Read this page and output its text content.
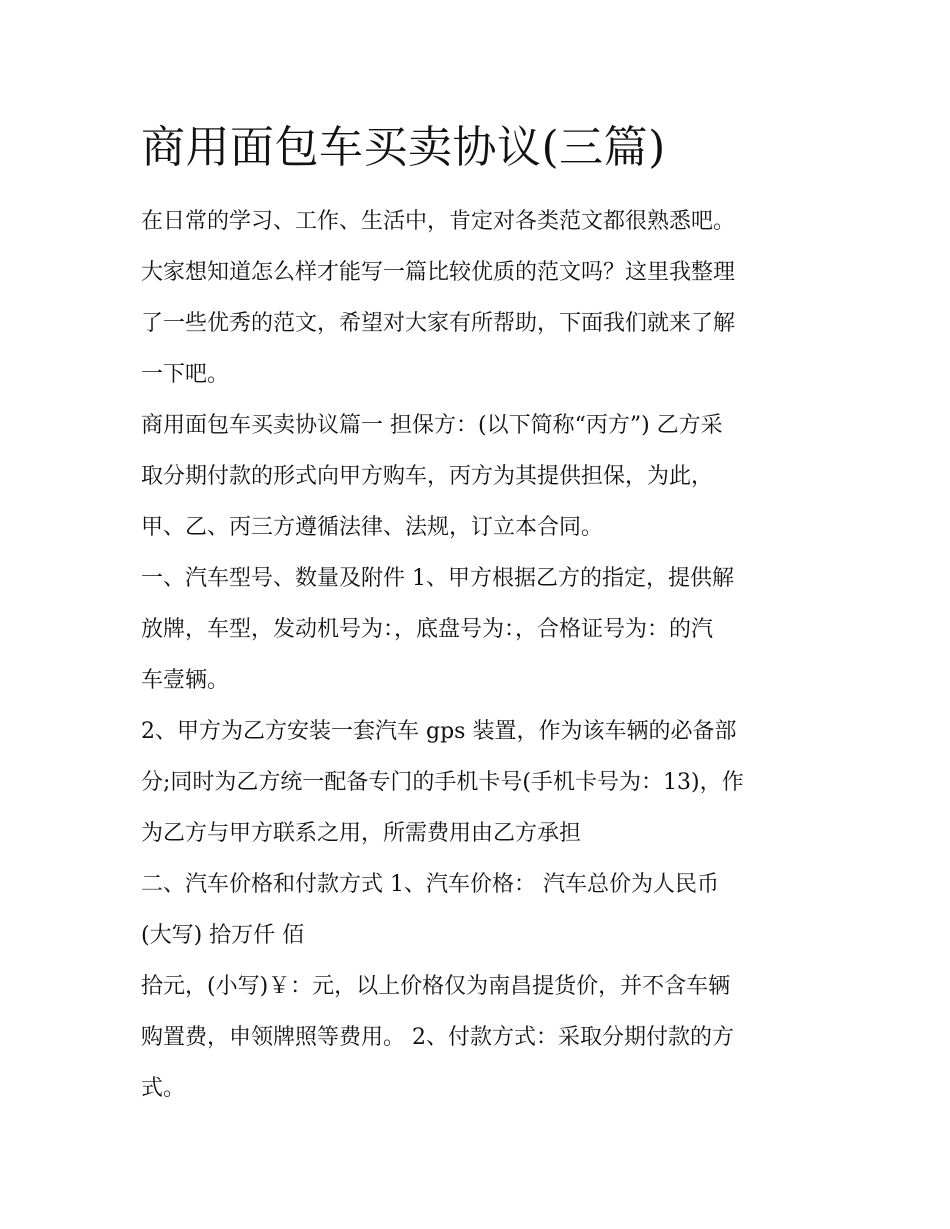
商用面包车买卖协议(三篇)
在日常的学习、工作、生活中，肯定对各类范文都很熟悉吧。
大家想知道怎么样才能写一篇比较优质的范文吗？这里我整理
了一些优秀的范文，希望对大家有所帮助，下面我们就来了解
一下吧。
商用面包车买卖协议篇一 担保方：(以下简称“丙方”) 乙方采
取分期付款的形式向甲方购车，丙方为其提供担保，为此，
甲、乙、丙三方遵循法律、法规，订立本合同。
一、汽车型号、数量及附件 1、甲方根据乙方的指定，提供解
放牌，车型，发动机号为：，底盘号为：，合格证号为：的汽
车壹辆。
2、甲方为乙方安装一套汽车 gps 装置，作为该车辆的必备部
分;同时为乙方统一配备专门的手机卡号(手机卡号为：13)，作
为乙方与甲方联系之用，所需费用由乙方承担
二、汽车价格和付款方式 1、汽车价格： 汽车总价为人民币
(大写) 拾万仟 佰
拾元，(小写)￥：元，以上价格仅为南昌提货价，并不含车辆
购置费，申领牌照等费用。 2、付款方式：采取分期付款的方
式。
